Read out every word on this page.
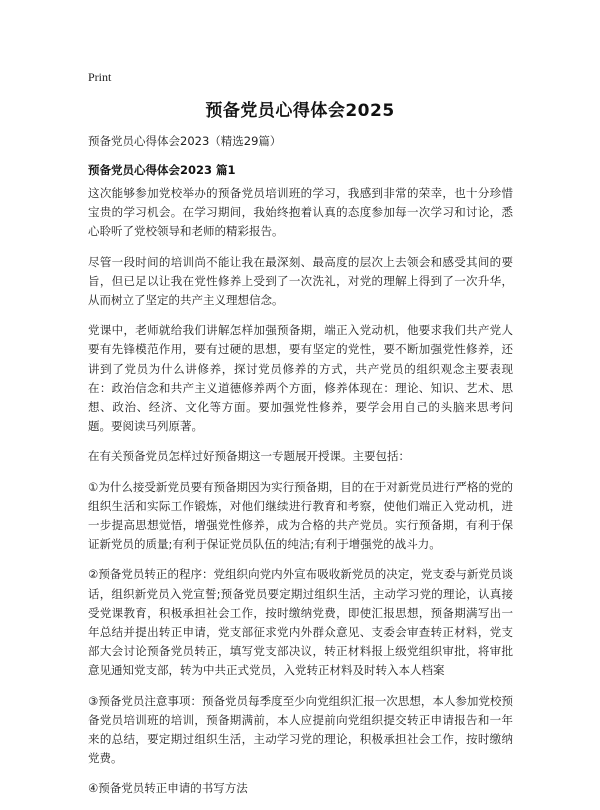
Print
预备党员心得体会2025
预备党员心得体会2023（精选29篇）
预备党员心得体会2023 篇1

这次能够参加党校举办的预备党员培训班的学习，我感到非常的荣幸，也十分珍惜宝贵的学习机会。在学习期间，我始终抱着认真的态度参加每一次学习和讨论，悉心聆听了党校领导和老师的精彩报告。

尽管一段时间的培训尚不能让我在最深刻、最高度的层次上去领会和感受其间的要旨，但已足以让我在党性修养上受到了一次洗礼，对党的理解上得到了一次升华，从而树立了坚定的共产主义理想信念。

党课中，老师就给我们讲解怎样加强预备期，端正入党动机，他要求我们共产党人要有先锋模范作用，要有过硬的思想，要有坚定的党性，要不断加强党性修养，还讲到了党员为什么讲修养，探讨党员修养的方式，共产党员的组织观念主要表现在：政治信念和共产主义道德修养两个方面，修养体现在：理论、知识、艺术、思想、政治、经济、文化等方面。要加强党性修养，要学会用自己的头脑来思考问题。要阅读马列原著。

在有关预备党员怎样过好预备期这一专题展开授课。主要包括：

①为什么接受新党员要有预备期因为实行预备期，目的在于对新党员进行严格的党的组织生活和实际工作锻炼，对他们继续进行教育和考察，使他们端正入党动机，进一步提高思想觉悟，增强党性修养，成为合格的共产党员。实行预备期，有利于保证新党员的质量;有利于保证党员队伍的纯洁;有利于增强党的战斗力。

②预备党员转正的程序：党组织向党内外宣布吸收新党员的决定，党支委与新党员谈话，组织新党员入党宣誓;预备党员要定期过组织生活，主动学习党的理论，认真接受党课教育，积极承担社会工作，按时缴纳党费，即使汇报思想，预备期满写出一年总结并提出转正申请，党支部征求党内外群众意见、支委会审查转正材料，党支部大会讨论预备党员转正，填写党支部决议，转正材料报上级党组织审批，将审批意见通知党支部，转为中共正式党员，入党转正材料及时转入本人档案

③预备党员注意事项：预备党员每季度至少向党组织汇报一次思想，本人参加党校预备党员培训班的培训，预备期满前，本人应提前向党组织提交转正申请报告和一年来的总结，要定期过组织生活，主动学习党的理论，积极承担社会工作，按时缴纳党费。

④预备党员转正申请的书写方法
